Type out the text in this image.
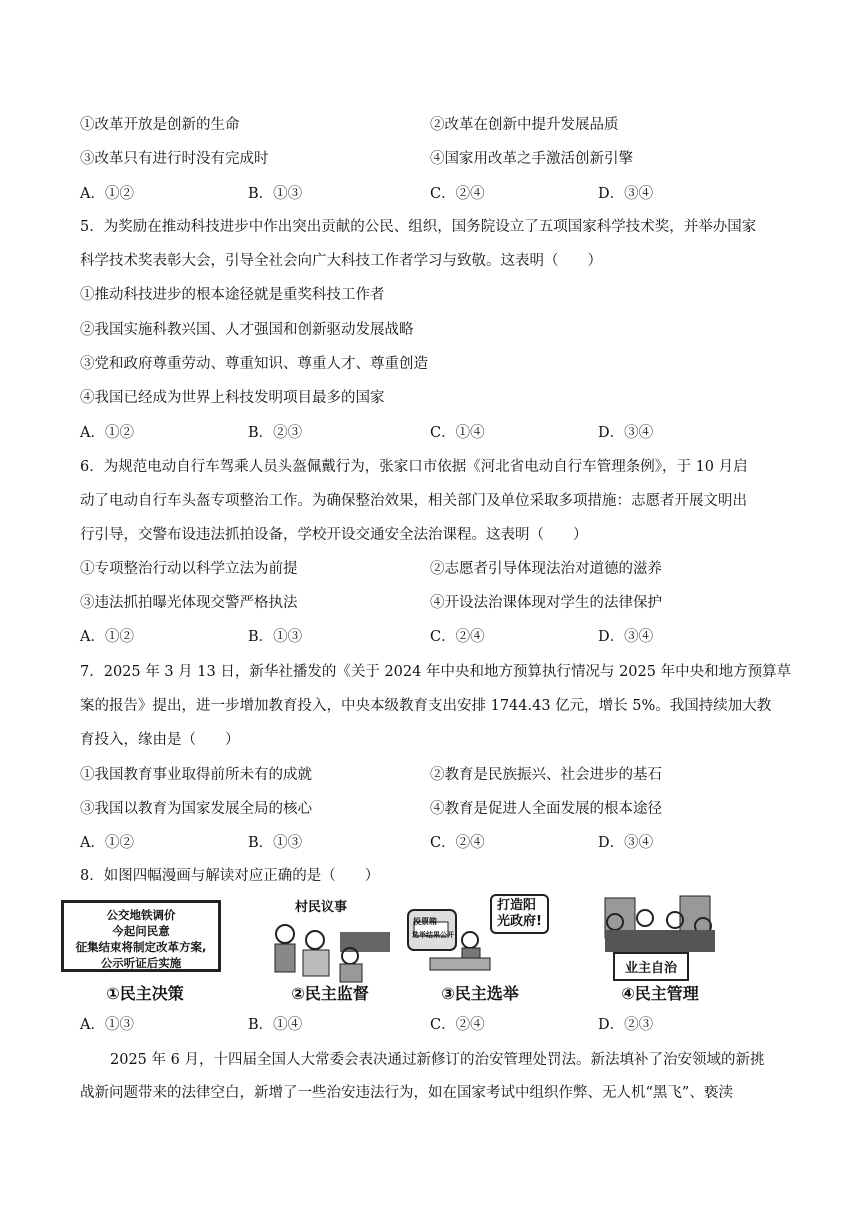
①改革开放是创新的生命	②改革在创新中提升发展品质
③改革只有进行时没有完成时	④国家用改革之手激活创新引擎
A．①②	B．①③	C．②④	D．③④
5．为奖励在推动科技进步中作出突出贡献的公民、组织，国务院设立了五项国家科学技术奖，并举办国家
科学技术奖表彰大会，引导全社会向广大科技工作者学习与致敬。这表明（　　）
①推动科技进步的根本途径就是重奖科技工作者
②我国实施科教兴国、人才强国和创新驱动发展战略
③党和政府尊重劳动、尊重知识、尊重人才、尊重创造
④我国已经成为世界上科技发明项目最多的国家
A．①②	B．②③	C．①④	D．③④
6．为规范电动自行车驾乘人员头盔佩戴行为，张家口市依据《河北省电动自行车管理条例》，于 10 月启
动了电动自行车头盔专项整治工作。为确保整治效果，相关部门及单位采取多项措施：志愿者开展文明出
行引导，交警布设违法抓拍设备，学校开设交通安全法治课程。这表明（　　）
①专项整治行动以科学立法为前提	②志愿者引导体现法治对道德的滋养
③违法抓拍曝光体现交警严格执法	④开设法治课体现对学生的法律保护
A．①②	B．①③	C．②④	D．③④
7．2025 年 3 月 13 日，新华社播发的《关于 2024 年中央和地方预算执行情况与 2025 年中央和地方预算草
案的报告》提出，进一步增加教育投入，中央本级教育支出安排 1744.43 亿元，增长 5%。我国持续加大教
育投入，缘由是（　　）
①我国教育事业取得前所未有的成就	②教育是民族振兴、社会进步的基石
③我国以教育为国家发展全局的核心	④教育是促进人全面发展的根本途径
A．①②	B．①③	C．②④	D．③④
8．如图四幅漫画与解读对应正确的是（　　）
公交地铁调价
今起问民意
征集结束将制定改革方案,
公示听证后实施
①民主决策
村民议事
②民主监督
投票箱
选举结果公开
打造阳
光政府!
③民主选举
业主自治
④民主管理
A．①③	B．①④	C．②④	D．②③
2025 年 6 月，十四届全国人大常委会表决通过新修订的治安管理处罚法。新法填补了治安领域的新挑
战新问题带来的法律空白，新增了一些治安违法行为，如在国家考试中组织作弊、无人机“黑飞”、亵渎
